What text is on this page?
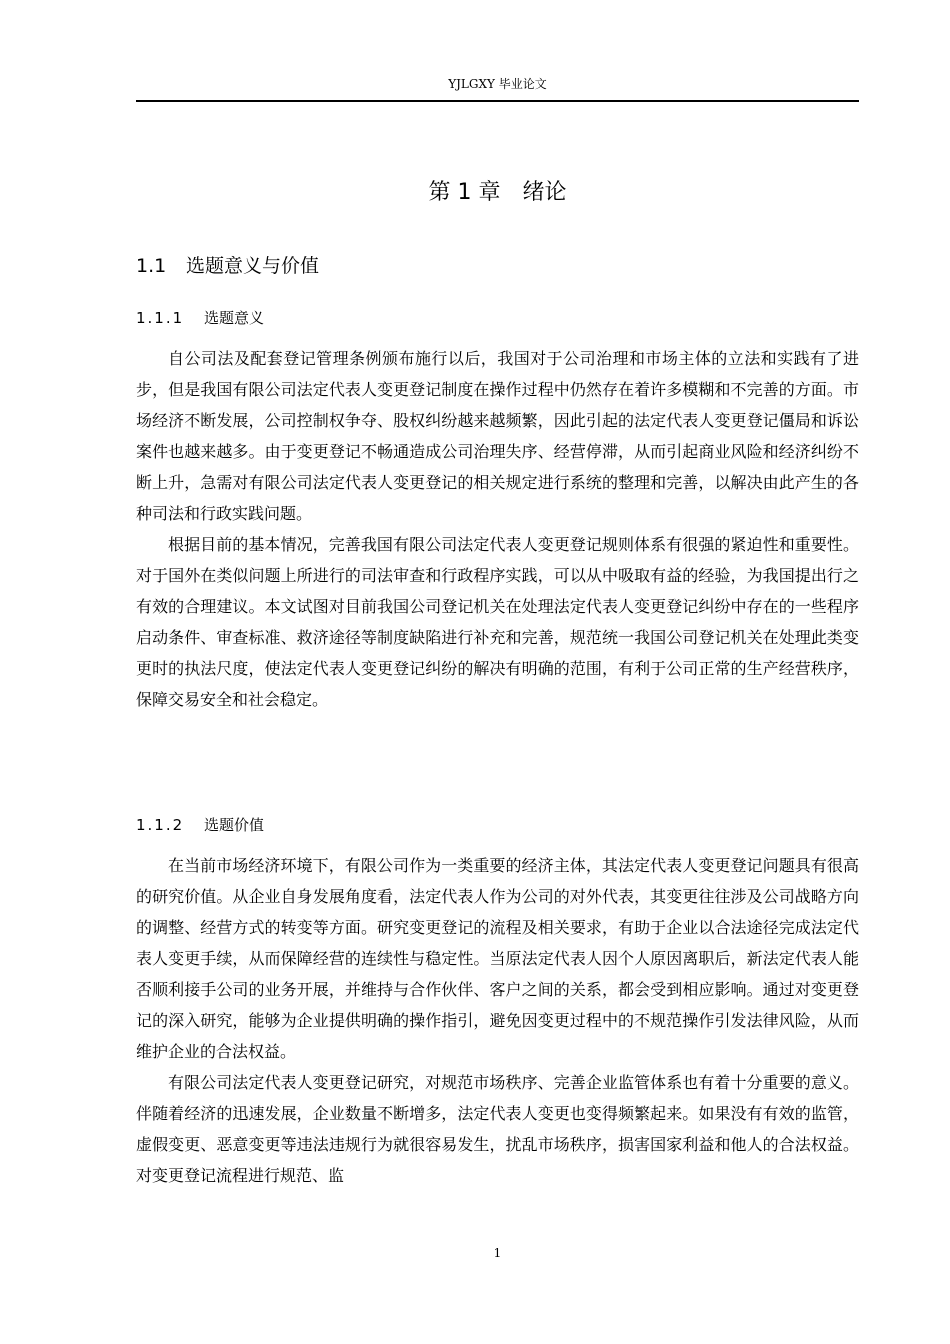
YJLGXY 毕业论文
第 1 章 绪论
1.1 选题意义与价值
1.1.1 选题意义

自公司法及配套登记管理条例颁布施行以后，我国对于公司治理和市场主体的立法和实践有了进步，但是我国有限公司法定代表人变更登记制度在操作过程中仍然存在着许多模糊和不完善的方面。市场经济不断发展，公司控制权争夺、股权纠纷越来越频繁，因此引起的法定代表人变更登记僵局和诉讼案件也越来越多。由于变更登记不畅通造成公司治理失序、经营停滞，从而引起商业风险和经济纠纷不断上升，急需对有限公司法定代表人变更登记的相关规定进行系统的整理和完善，以解决由此产生的各种司法和行政实践问题。

根据目前的基本情况，完善我国有限公司法定代表人变更登记规则体系有很强的紧迫性和重要性。对于国外在类似问题上所进行的司法审查和行政程序实践，可以从中吸取有益的经验，为我国提出行之有效的合理建议。本文试图对目前我国公司登记机关在处理法定代表人变更登记纠纷中存在的一些程序启动条件、审查标准、救济途径等制度缺陷进行补充和完善，规范统一我国公司登记机关在处理此类变更时的执法尺度，使法定代表人变更登记纠纷的解决有明确的范围，有利于公司正常的生产经营秩序，保障交易安全和社会稳定。

1.1.2 选题价值

在当前市场经济环境下，有限公司作为一类重要的经济主体，其法定代表人变更登记问题具有很高的研究价值。从企业自身发展角度看，法定代表人作为公司的对外代表，其变更往往涉及公司战略方向的调整、经营方式的转变等方面。研究变更登记的流程及相关要求，有助于企业以合法途径完成法定代表人变更手续，从而保障经营的连续性与稳定性。当原法定代表人因个人原因离职后，新法定代表人能否顺利接手公司的业务开展，并维持与合作伙伴、客户之间的关系，都会受到相应影响。通过对变更登记的深入研究，能够为企业提供明确的操作指引，避免因变更过程中的不规范操作引发法律风险，从而维护企业的合法权益。

有限公司法定代表人变更登记研究，对规范市场秩序、完善企业监管体系也有着十分重要的意义。伴随着经济的迅速发展，企业数量不断增多，法定代表人变更也变得频繁起来。如果没有有效的监管，虚假变更、恶意变更等违法违规行为就很容易发生，扰乱市场秩序，损害国家利益和他人的合法权益。对变更登记流程进行规范、监

1
